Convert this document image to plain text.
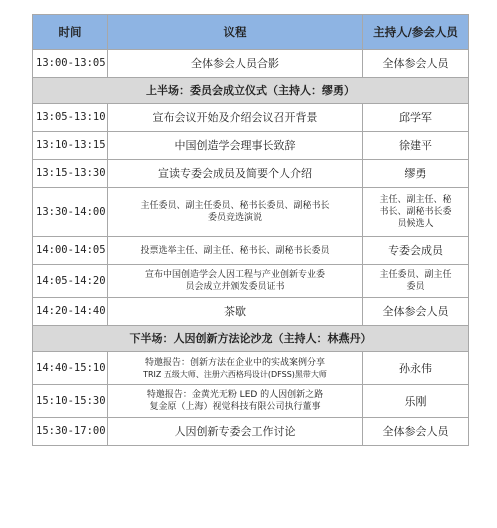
时间	议程	主持人/参会人员
13:00-13:05	全体参会人员合影	全体参会人员
上半场：委员会成立仪式（主持人：缪勇）		
13:05-13:10	宣布会议开始及介绍会议召开背景	邱学军
13:10-13:15	中国创造学会理事长致辞	徐建平
13:15-13:30	宣读专委会成员及简要个人介绍	缪勇
13:30-14:00	主任委员、副主任委员、秘书长委员、副秘书长
委员竞选演说	主任、副主任、秘
书长、副秘书长委
员候选人

14:00-14:05	投票选举主任、副主任、秘书长、副秘书长委员	专委会成员
14:05-14:20	宣布中国创造学会人因工程与产业创新专业委
员会成立并颁发委员证书	主任委员、副主任
委员

14:20-14:40	茶歇	全体参会人员
下半场：人因创新方法论沙龙（主持人：林燕丹）		
14:40-15:10	特邀报告：创新方法在企业中的实战案例分享
TRIZ 五级大师、注册六西格玛设计(DFSS)黑带大师	孙永伟
15:10-15:30	特邀报告：金黄光无粉 LED 的人因创新之路
复金原（上海）视觉科技有限公司执行董事	乐刚
15:30-17:00	人因创新专委会工作讨论	全体参会人员
